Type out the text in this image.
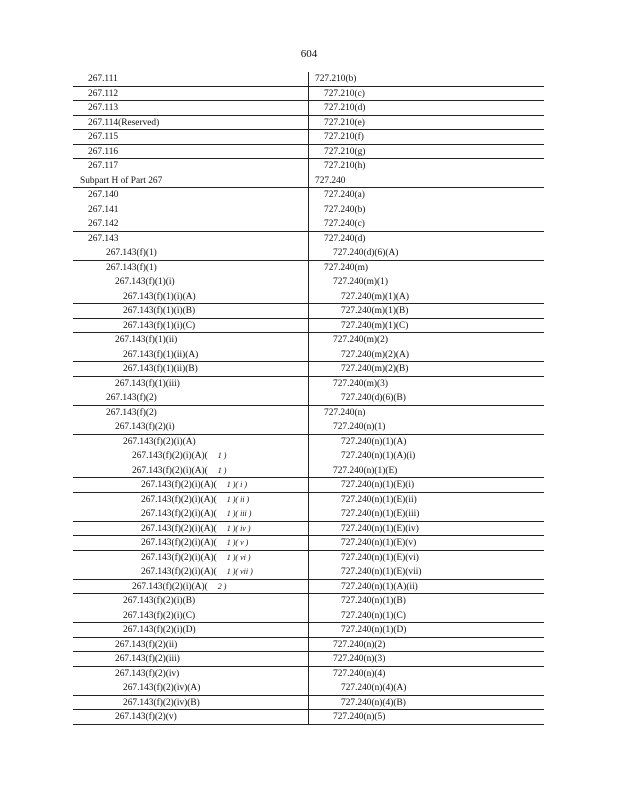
604
267.111	727.210(b)
267.112	727.210(c)
267.113	727.210(d)
267.114(Reserved)	727.210(e)
267.115	727.210(f)
267.116	727.210(g)
267.117	727.210(h)
Subpart H of Part 267	727.240
267.140	727.240(a)
267.141	727.240(b)
267.142	727.240(c)
267.143	727.240(d)
267.143(f)(1)	727.240(d)(6)(A)
267.143(f)(1)	727.240(m)
267.143(f)(1)(i)	727.240(m)(1)
267.143(f)(1)(i)(A)	727.240(m)(1)(A)
267.143(f)(1)(i)(B)	727.240(m)(1)(B)
267.143(f)(1)(i)(C)	727.240(m)(1)(C)
267.143(f)(1)(ii)	727.240(m)(2)
267.143(f)(1)(ii)(A)	727.240(m)(2)(A)
267.143(f)(1)(ii)(B)	727.240(m)(2)(B)
267.143(f)(1)(iii)	727.240(m)(3)
267.143(f)(2)	727.240(d)(6)(B)
267.143(f)(2)	727.240(n)
267.143(f)(2)(i)	727.240(n)(1)
267.143(f)(2)(i)(A)	727.240(n)(1)(A)
267.143(f)(2)(i)(A)( 1 )	727.240(n)(1)(A)(i)
267.143(f)(2)(i)(A)( 1 )	727.240(n)(1)(E)
267.143(f)(2)(i)(A)( 1 )( i )	727.240(n)(1)(E)(i)
267.143(f)(2)(i)(A)( 1 )( ii )	727.240(n)(1)(E)(ii)
267.143(f)(2)(i)(A)( 1 )( iii )	727.240(n)(1)(E)(iii)
267.143(f)(2)(i)(A)( 1 )( iv )	727.240(n)(1)(E)(iv)
267.143(f)(2)(i)(A)( 1 )( v )	727.240(n)(1)(E)(v)
267.143(f)(2)(i)(A)( 1 )( vi )	727.240(n)(1)(E)(vi)
267.143(f)(2)(i)(A)( 1 )( vii )	727.240(n)(1)(E)(vii)
267.143(f)(2)(i)(A)( 2 )	727.240(n)(1)(A)(ii)
267.143(f)(2)(i)(B)	727.240(n)(1)(B)
267.143(f)(2)(i)(C)	727.240(n)(1)(C)
267.143(f)(2)(i)(D)	727.240(n)(1)(D)
267.143(f)(2)(ii)	727.240(n)(2)
267.143(f)(2)(iii)	727.240(n)(3)
267.143(f)(2)(iv)	727.240(n)(4)
267.143(f)(2)(iv)(A)	727.240(n)(4)(A)
267.143(f)(2)(iv)(B)	727.240(n)(4)(B)
267.143(f)(2)(v)	727.240(n)(5)
